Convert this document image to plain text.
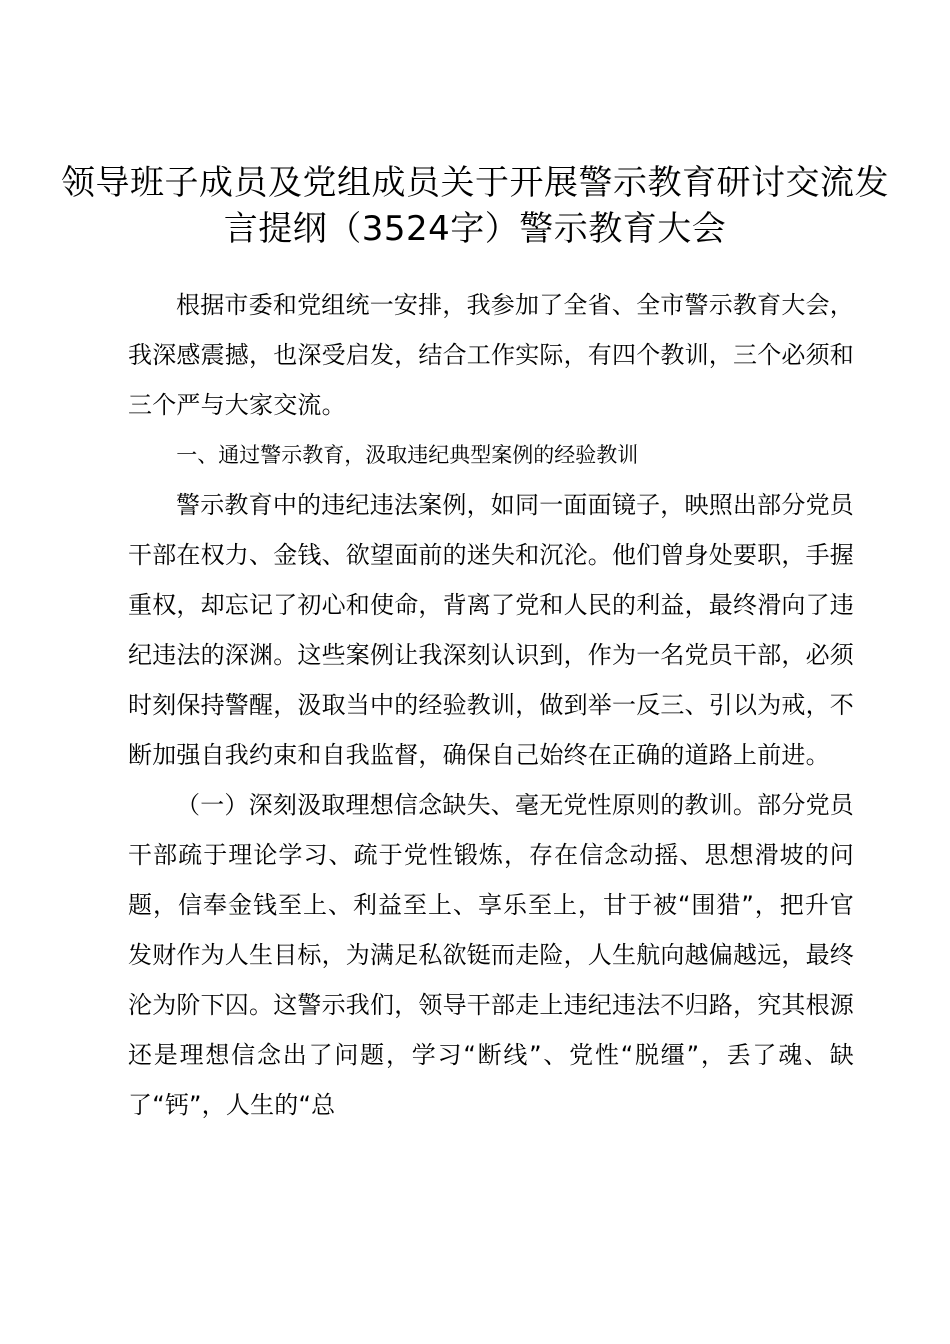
领导班子成员及党组成员关于开展警示教育研讨交流发言提纲（3524字）警示教育大会

根据市委和党组统一安排，我参加了全省、全市警示教育大会，我深感震撼，也深受启发，结合工作实际，有四个教训，三个必须和三个严与大家交流。

一、通过警示教育，汲取违纪典型案例的经验教训

警示教育中的违纪违法案例，如同一面面镜子，映照出部分党员干部在权力、金钱、欲望面前的迷失和沉沦。他们曾身处要职，手握重权，却忘记了初心和使命，背离了党和人民的利益，最终滑向了违纪违法的深渊。这些案例让我深刻认识到，作为一名党员干部，必须时刻保持警醒，汲取当中的经验教训，做到举一反三、引以为戒，不断加强自我约束和自我监督，确保自己始终在正确的道路上前进。

（一）深刻汲取理想信念缺失、毫无党性原则的教训。部分党员干部疏于理论学习、疏于党性锻炼，存在信念动摇、思想滑坡的问题，信奉金钱至上、利益至上、享乐至上，甘于被“围猎”，把升官发财作为人生目标，为满足私欲铤而走险，人生航向越偏越远，最终沦为阶下囚。这警示我们，领导干部走上违纪违法不归路，究其根源还是理想信念出了问题，学习“断线”、党性“脱缰”，丢了魂、缺了“钙”，人生的“总
